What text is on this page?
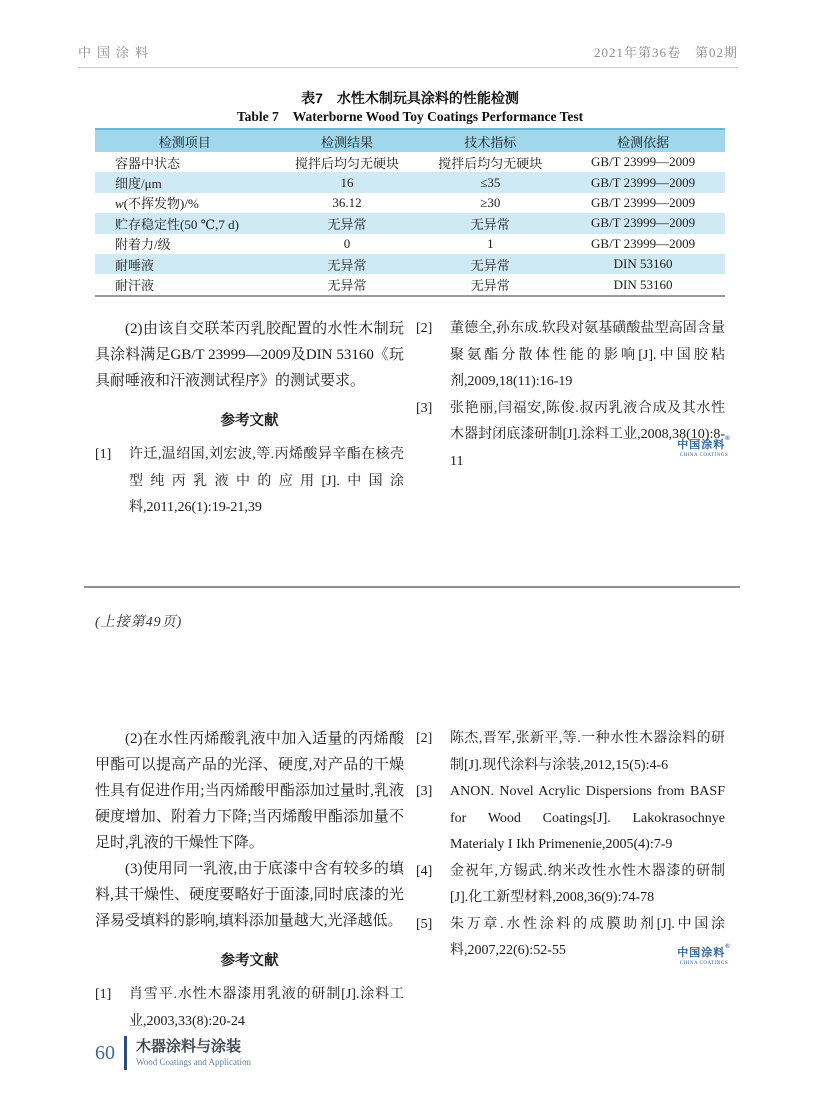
中国涂料	2021年第36卷　第02期
表7 水性木制玩具涂料的性能检测
Table 7 Waterborne Wood Toy Coatings Performance Test
检测项目	检测结果	技术指标	检测依据
容器中状态	搅拌后均匀无硬块	搅拌后均匀无硬块	GB/T 23999—2009
细度/μm	16	≤35	GB/T 23999—2009
w(不挥发物)/%	36.12	≥30	GB/T 23999—2009
贮存稳定性(50 ℃,7 d)	无异常	无异常	GB/T 23999—2009
附着力/级	0	1	GB/T 23999—2009
耐唾液	无异常	无异常	DIN 53160
耐汗液	无异常	无异常	DIN 53160

(2)由该自交联苯丙乳胶配置的水性木制玩具涂料满足GB/T 23999—2009及DIN 53160《玩具耐唾液和汗液测试程序》的测试要求。

参考文献

[1]	许迁,温绍国,刘宏波,等.丙烯酸异辛酯在核壳型纯丙乳液中的应用[J].中国涂料,2011,26(1):19-21,39
[2]	董德全,孙东成.软段对氨基磺酸盐型高固含量聚氨酯分散体性能的影响[J].中国胶粘剂,2009,18(11):16-19
[3]	张艳丽,闫福安,陈俊.叔丙乳液合成及其水性木器封闭底漆研制[J].涂料工业,2008,38(10):8-11
中国涂料®
CHINA COATINGS
(上接第49页)

(2)在水性丙烯酸乳液中加入适量的丙烯酸甲酯可以提高产品的光泽、硬度,对产品的干燥性具有促进作用;当丙烯酸甲酯添加过量时,乳液硬度增加、附着力下降;当丙烯酸甲酯添加量不足时,乳液的干燥性下降。

(3)使用同一乳液,由于底漆中含有较多的填料,其干燥性、硬度要略好于面漆,同时底漆的光泽易受填料的影响,填料添加量越大,光泽越低。

参考文献

[1]	肖雪平.水性木器漆用乳液的研制[J].涂料工业,2003,33(8):20-24
[2]	陈杰,晋军,张新平,等.一种水性木器涂料的研制[J].现代涂料与涂装,2012,15(5):4-6
[3]	ANON. Novel Acrylic Dispersions from BASF for Wood Coatings[J]. Lakokrasochnye Materialy I Ikh Primenenie,2005(4):7-9
[4]	金祝年,方锡武.纳米改性水性木器漆的研制[J].化工新型材料,2008,36(9):74-78
[5]	朱万章.水性涂料的成膜助剂[J].中国涂料,2007,22(6):52-55	中国涂料®
CHINA COATINGS
60 木器涂料与涂装
Wood Coatings and Application
